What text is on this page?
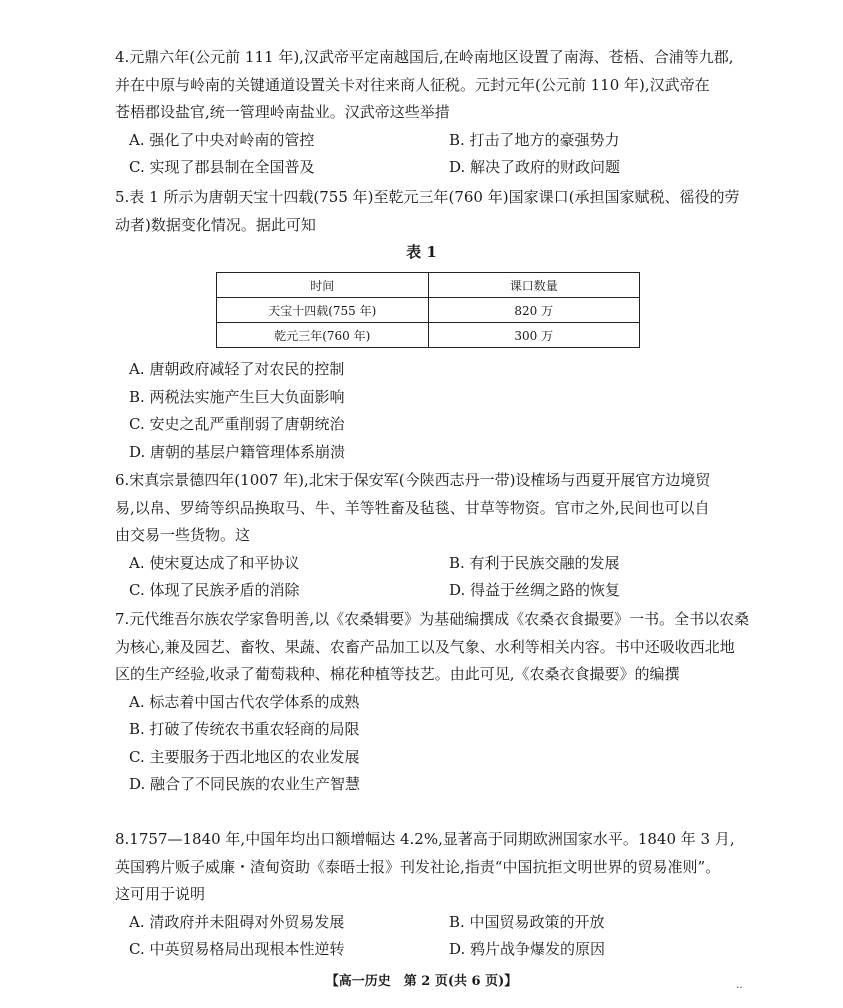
4.元鼎六年(公元前 111 年),汉武帝平定南越国后,在岭南地区设置了南海、苍梧、合浦等九郡,
并在中原与岭南的关键通道设置关卡对往来商人征税。元封元年(公元前 110 年),汉武帝在
苍梧郡设盐官,统一管理岭南盐业。汉武帝这些举措
A. 强化了中央对岭南的管控	B. 打击了地方的豪强势力
C. 实现了郡县制在全国普及	D. 解决了政府的财政问题
5.表 1 所示为唐朝天宝十四载(755 年)至乾元三年(760 年)国家课口(承担国家赋税、徭役的劳
动者)数据变化情况。据此可知
表 1
时间	课口数量
天宝十四载(755 年)	820 万
乾元三年(760 年)	300 万
A. 唐朝政府减轻了对农民的控制
B. 两税法实施产生巨大负面影响
C. 安史之乱严重削弱了唐朝统治
D. 唐朝的基层户籍管理体系崩溃
6.宋真宗景德四年(1007 年),北宋于保安军(今陕西志丹一带)设榷场与西夏开展官方边境贸
易,以帛、罗绮等织品换取马、牛、羊等牲畜及毡毯、甘草等物资。官市之外,民间也可以自
由交易一些货物。这
A. 使宋夏达成了和平协议	B. 有利于民族交融的发展
C. 体现了民族矛盾的消除	D. 得益于丝绸之路的恢复
7.元代维吾尔族农学家鲁明善,以《农桑辑要》为基础编撰成《农桑衣食撮要》一书。全书以农桑
为核心,兼及园艺、畜牧、果蔬、农畜产品加工以及气象、水利等相关内容。书中还吸收西北地
区的生产经验,收录了葡萄栽种、棉花种植等技艺。由此可见,《农桑衣食撮要》的编撰
A. 标志着中国古代农学体系的成熟
B. 打破了传统农书重农轻商的局限
C. 主要服务于西北地区的农业发展
D. 融合了不同民族的农业生产智慧
8.1757—1840 年,中国年均出口额增幅达 4.2%,显著高于同期欧洲国家水平。1840 年 3 月,
英国鸦片贩子威廉・渣甸资助《泰晤士报》刊发社论,指责“中国抗拒文明世界的贸易准则”。
这可用于说明
A. 清政府并未阻碍对外贸易发展	B. 中国贸易政策的开放
C. 中英贸易格局出现根本性逆转	D. 鸦片战争爆发的原因
【高一历史　第 2 页(共 6 页)】	‥
